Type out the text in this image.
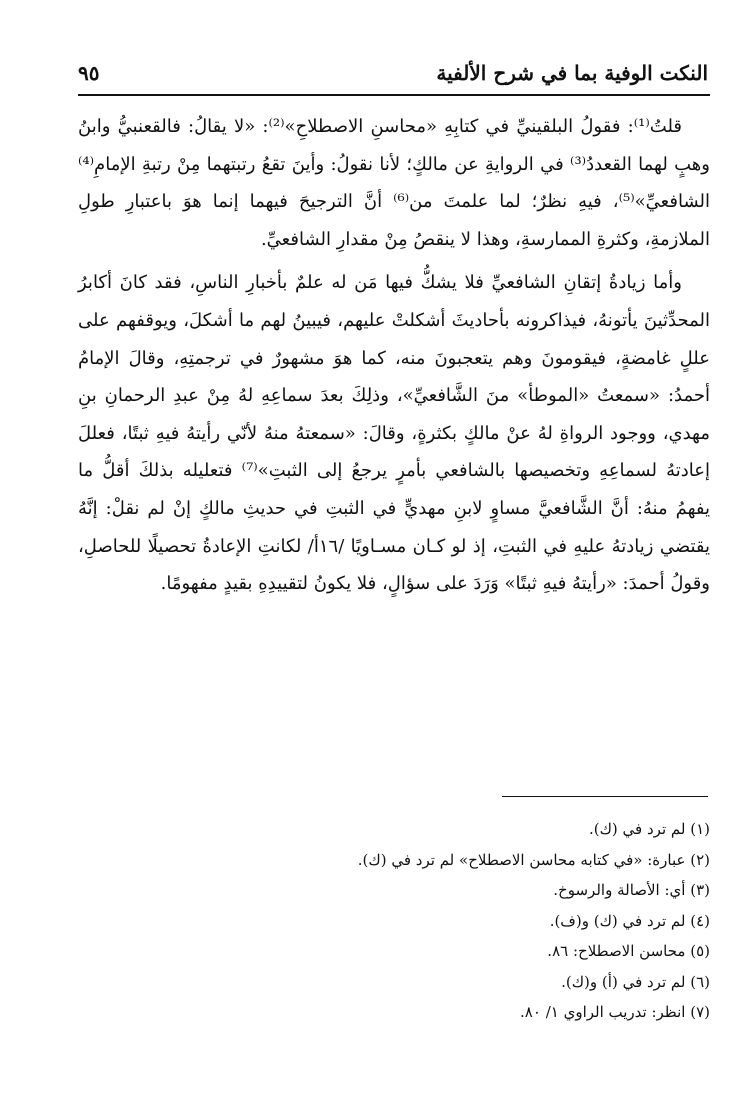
النكت الوفية بما في شرح الألفية
٩٥

قلتُ⁽¹⁾: فقولُ البلقينيِّ في كتابِهِ «محاسنِ الاصطلاحِ»⁽²⁾: «لا يقالُ: فالقعنبيُّ وابنُ وهبٍ لهما القعددُ⁽³⁾ في الروايةِ عن مالكٍ؛ لأنا نقولُ: وأينَ تقعُ رتبتهما مِنْ رتبةِ الإمامِ⁽⁴⁾ الشافعيِّ»⁽⁵⁾، فيهِ نظرٌ؛ لما علمتَ من⁽⁶⁾ أنَّ الترجيحَ فيهما إنما هوَ باعتبارِ طولِ الملازمةِ، وكثرةِ الممارسةِ، وهذا لا ينقصُ مِنْ مقدارِ الشافعيِّ.

وأما زيادةُ إتقانِ الشافعيِّ فلا يشكُّ فيها مَن له علمٌ بأخبارِ الناسِ، فقد كانَ أكابرُ المحدِّثينَ يأتونهُ، فيذاكرونه بأحاديثَ أشكلتْ عليهم، فيبينُ لهم ما أشكلَ، ويوقفهم على عللٍ غامضةٍ، فيقومونَ وهم يتعجبونَ منه، كما هوَ مشهورٌ في ترجمتِهِ، وقالَ الإمامُ أحمدُ: «سمعتُ «الموطأ» منَ الشَّافعيِّ»، وذلِكَ بعدَ سماعِهِ لهُ مِنْ عبدِ الرحمانِ بنِ مهدي، ووجود الرواةِ لهُ عنْ مالكٍ بكثرةٍ، وقالَ: «سمعتهُ منهُ لأنّي رأيتهُ فيهِ ثبتًا، فعللَ إعادتهُ لسماعِهِ وتخصيصها بالشافعي بأمرٍ يرجعُ إلى الثبتِ»⁽⁷⁾ فتعليله بذلكَ أقلُّ ما يفهمُ منهُ: أنَّ الشَّافعيَّ مساوٍ لابنِ مهديٍّ في الثبتِ في حديثِ مالكٍ إنْ لم نقلْ: إنَّهُ يقتضي زيادتهُ عليهِ في الثبتِ، إذ لو كـان مسـاويًا /١٦أ/ لكانتِ الإعادةُ تحصيلًا للحاصلِ، وقولُ أحمدَ: «رأيتهُ فيهِ ثبتًا» وَرَدَ على سؤالٍ، فلا يكونُ لتقييدِهِ بقيدٍ مفهومًا.

(١) لم ترد في (ك).
(٢) عبارة: «في كتابه محاسن الاصطلاح» لم ترد في (ك).
(٣) أي: الأصالة والرسوخ.
(٤) لم ترد في (ك) و(ف).
(٥) محاسن الاصطلاح: ٨٦.
(٦) لم ترد في (أ) و(ك).
(٧) انظر: تدريب الراوي ١/ ٨٠.
